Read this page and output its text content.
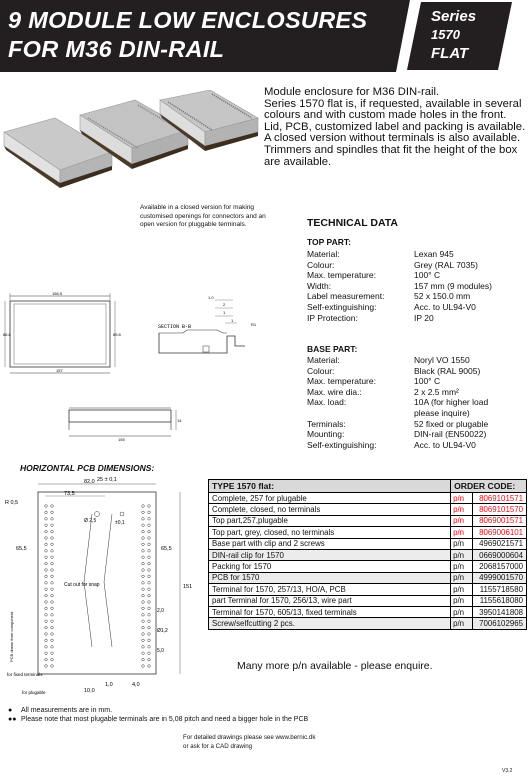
9 MODULE LOW ENCLOSURES
FOR M36 DIN-RAIL
Series
1570
FLAT

Module enclosure for M36 DIN-rail.

Series 1570 flat is, if requested, available in several colours and with custom made holes in the front.

Lid, PCB, customized label and packing is available.

A closed version without terminals is also available.

Trimmers and spindles that fit the height of the box are available.

Available in a closed version for making customised openings for connectors and an open version for pluggable terminals.	TECHNICAL DATA
TOP PART:
Material:	Lexan 945
Colour:	Grey (RAL 7035)
Max. temperature:	100° C
Width:	157 mm (9 modules)
Label measurement:	52 x 150.0 mm
Self-extinguishing:	Acc. to UL94-V0
IP Protection:	IP 20
BASE PART:
Material:	Noryl VO 1550
Colour:	Black (RAL 9005)
Max. temperature:	100° C
Max. wire dia.:	2 x 2.5 mm²
Max. load:	10A (for higher load
please inquire)
Terminals:	52 fixed or plugable
Mounting:	DIN-rail (EN50022)
Self-extinguishing:	Acc. to UL94-V0
156.5
86.6	89.8
157
SECTION B-B
1.0
2
1
1
R1
14
155
HORIZONTAL PCB DIMENSIONS:
82,0 25 ± 0,1
73,5
R 0,5
Ø 2,5	±0,1
Cut out for snap
65,5	65,5
151
2,0
Ø1,2
5,0
10,0
1,0	4,0
for fixed terminals
for plugable
PCB drawn from component
TYPE 1570 flat:	ORDER CODE:	
Complete, 257 for plugable	p/n	8069101571
Complete, closed, no terminals	p/n	8069101570
Top part,257,plugable	p/n	8069001571
Top part, grey, closed, no terminals	p/n	8069006101
Base part with clip and 2 screws	p/n	4969021571
DIN-rail clip for 1570	p/n	0669000604
Packing for 1570	p/n	2068157000
PCB for 1570	p/n	4999001570
Terminal for 1570, 257/13, HO/A, PCB	p/n	1155718580
part Terminal for 1570, 256/13, wire part	p/n	1155618080
Terminal for 1570, 605/13, fixed terminals	p/n	3950141808
Screw/selfcutting 2 pcs.	p/n	7006102965
Many more p/n available - please enquire.
● All measurements are in mm.
●● Please note that most plugable terminals are in 5,08 pitch and need a bigger hole in the PCB
For detailed drawings please see www.bernic.dk
or ask for a CAD drawing
V3.2
